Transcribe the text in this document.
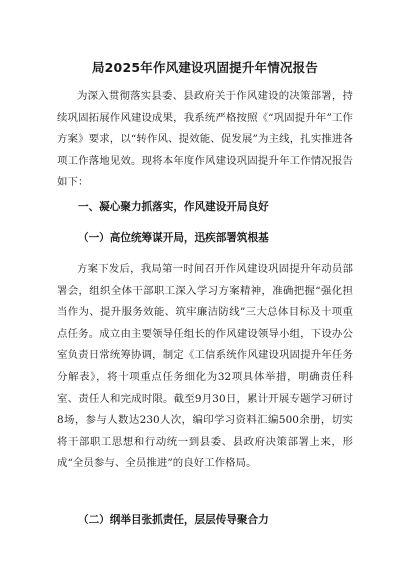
局2025年作风建设巩固提升年情况报告

为深入贯彻落实县委、县政府关于作风建设的决策部署，持续巩固拓展作风建设成果，我系统严格按照《“巩固提升年”工作方案》要求，以“转作风、提效能、促发展”为主线，扎实推进各项工作落地见效。现将本年度作风建设巩固提升年工作情况报告如下：

一、凝心聚力抓落实，作风建设开局良好
（一）高位统筹谋开局，迅疾部署筑根基

方案下发后，我局第一时间召开作风建设巩固提升年动员部署会，组织全体干部职工深入学习方案精神，准确把握“强化担当作为、提升服务效能、筑牢廉洁防线”三大总体目标及十项重点任务。成立由主要领导任组长的作风建设领导小组，下设办公室负责日常统筹协调，制定《工信系统作风建设巩固提升年任务分解表》，将十项重点任务细化为32项具体举措，明确责任科室、责任人和完成时限。截至9月30日，累计开展专题学习研讨8场，参与人数达230人次，编印学习资料汇编500余册，切实将干部职工思想和行动统一到县委、县政府决策部署上来，形成“全员参与、全员推进”的良好工作格局。

（二）纲举目张抓责任，层层传导聚合力
